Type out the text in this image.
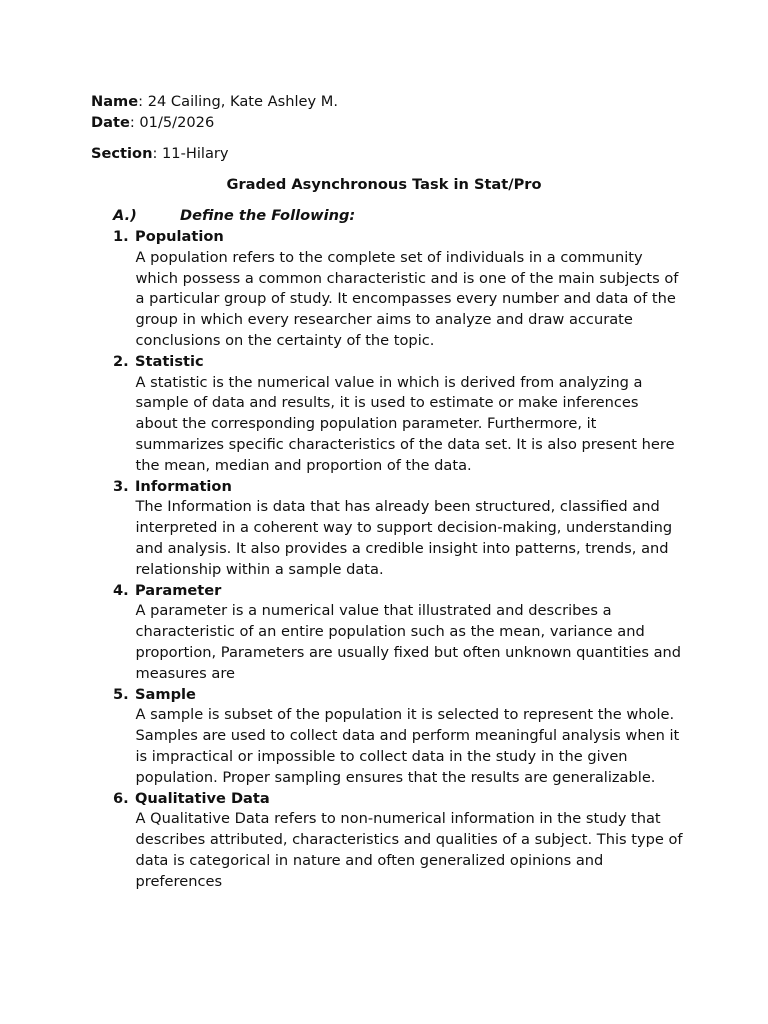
Name: 24 Cailing, Kate Ashley M.
Date: 01/5/2026
Section: 11-Hilary
Graded Asynchronous Task in Stat/Pro
A.)	Define the Following:
1. Population
A population refers to the complete set of individuals in a community which possess a common characteristic and is one of the main subjects of a particular group of study. It encompasses every number and data of the group in which every researcher aims to analyze and draw accurate conclusions on the certainty of the topic.
2. Statistic
A statistic is the numerical value in which is derived from analyzing a sample of data and results, it is used to estimate or make inferences about the corresponding population parameter. Furthermore, it summarizes specific characteristics of the data set. It is also present here the mean, median and proportion of the data.
3. Information
The Information is data that has already been structured, classified and interpreted in a coherent way to support decision-making, understanding and analysis. It also provides a credible insight into patterns, trends, and relationship within a sample data.
4. Parameter
A parameter is a numerical value that illustrated and describes a characteristic of an entire population such as the mean, variance and proportion, Parameters are usually fixed but often unknown quantities and measures are
5. Sample
A sample is subset of the population it is selected to represent the whole. Samples are used to collect data and perform meaningful analysis when it is impractical or impossible to collect data in the study in the given population. Proper sampling ensures that the results are generalizable.
6. Qualitative Data
A Qualitative Data refers to non-numerical information in the study that describes attributed, characteristics and qualities of a subject. This type of data is categorical in nature and often generalized opinions and preferences
